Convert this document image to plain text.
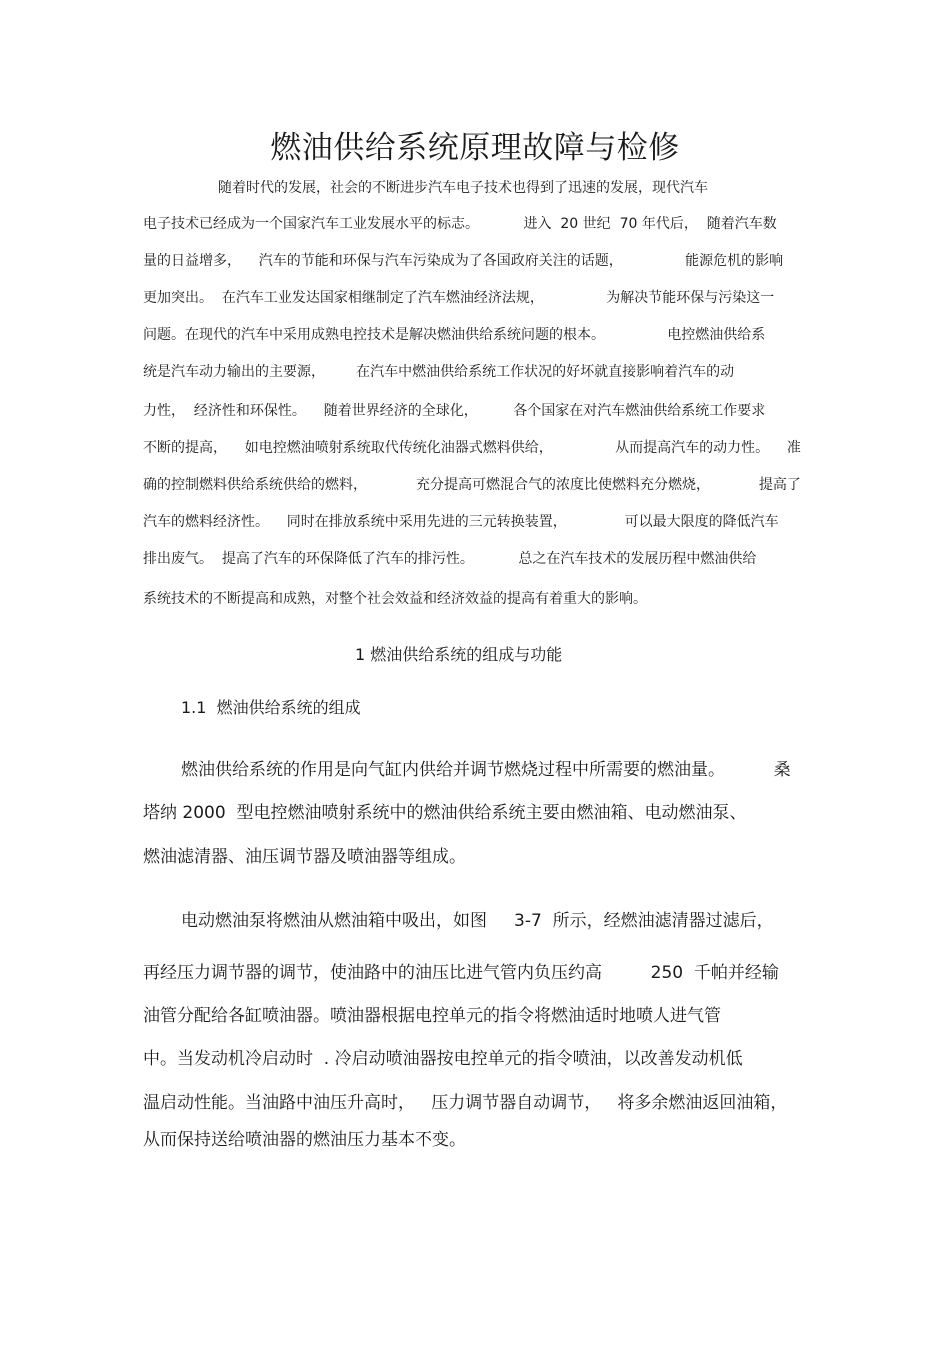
燃油供给系统原理故障与检修
随着时代的发展，社会的不断进步汽车电子技术也得到了迅速的发展，现代汽车
电子技术已经成为一个国家汽车工业发展水平的标志。          进入  20 世纪  70 年代后，  随着汽车数
量的日益增多，    汽车的节能和环保与汽车污染成为了各国政府关注的话题，              能源危机的影响
更加突出。  在汽车工业发达国家相继制定了汽车燃油经济法规，              为解决节能环保与污染这一
问题。在现代的汽车中采用成熟电控技术是解决燃油供给系统问题的根本。              电控燃油供给系
统是汽车动力输出的主要源，       在汽车中燃油供给系统工作状况的好坏就直接影响着汽车的动
力性，  经济性和环保性。    随着世界经济的全球化，        各个国家在对汽车燃油供给系统工作要求
不断的提高，    如电控燃油喷射系统取代传统化油器式燃料供给，              从而提高汽车的动力性。    准
确的控制燃料供给系统供给的燃料，           充分提高可燃混合气的浓度比使燃料充分燃烧，           提高了
汽车的燃料经济性。    同时在排放系统中采用先进的三元转换装置，             可以最大限度的降低汽车
排出废气。  提高了汽车的环保降低了汽车的排污性。          总之在汽车技术的发展历程中燃油供给
系统技术的不断提高和成熟，对整个社会效益和经济效益的提高有着重大的影响。
1 燃油供给系统的组成与功能
1.1  燃油供给系统的组成
燃油供给系统的作用是向气缸内供给并调节燃烧过程中所需要的燃油量。         桑
塔纳 2000  型电控燃油喷射系统中的燃油供给系统主要由燃油箱、电动燃油泵、
燃油滤清器、油压调节器及喷油器等组成。
电动燃油泵将燃油从燃油箱中吸出，如图     3-7  所示，经燃油滤清器过滤后，
再经压力调节器的调节，使油路中的油压比进气管内负压约高         250  千帕并经输
油管分配给各缸喷油器。喷油器根据电控单元的指令将燃油适时地喷人进气管
中。当发动机冷启动时  . 冷启动喷油器按电控单元的指令喷油，以改善发动机低
温启动性能。当油路中油压升高时，   压力调节器自动调节，   将多余燃油返回油箱，
从而保持送给喷油器的燃油压力基本不变。
